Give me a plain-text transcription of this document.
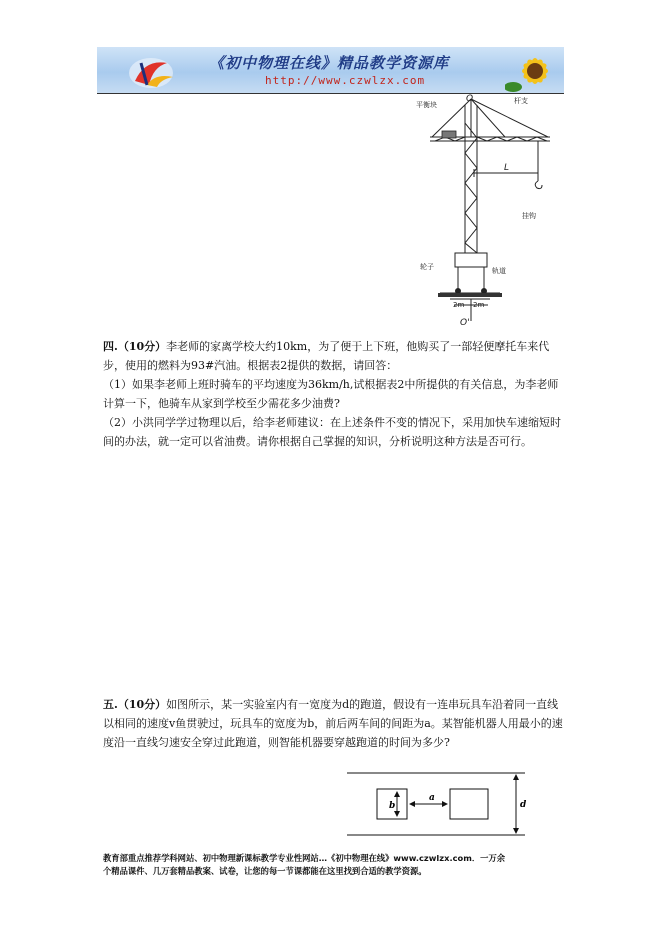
《初中物理在线》精品教学资源库
http://www.czwlzx.com
平衡块
O	杆支
L
挂钩
轮子	轨道
2m 2m
O'

四.（10分）李老师的家离学校大约10km，为了便于上下班，他购买了一部轻便摩托车来代步，使用的燃料为93#汽油。根据表2提供的数据，请回答：

（1）如果李老师上班时骑车的平均速度为36km/h,试根据表2中所提供的有关信息，为李老师计算一下，他骑车从家到学校至少需花多少油费?

（2）小洪同学学过物理以后，给李老师建议：在上述条件不变的情况下，采用加快车速缩短时间的办法，就一定可以省油费。请你根据自己掌握的知识，分析说明这种方法是否可行。

五.（10分）如图所示，某一实验室内有一宽度为d的跑道，假设有一连串玩具车沿着同一直线以相同的速度v鱼贯驶过，玩具车的宽度为b，前后两车间的间距为a。某智能机器人用最小的速度沿一直线匀速安全穿过此跑道，则智能机器要穿越跑道的时间为多少?

b
a
d

教育部重点推荐学科网站、初中物理新课标教学专业性网站…《初中物理在线》www.czwlzx.com．一万余

个精品课件、几万套精品教案、试卷，让您的每一节课都能在这里找到合适的教学资源。
